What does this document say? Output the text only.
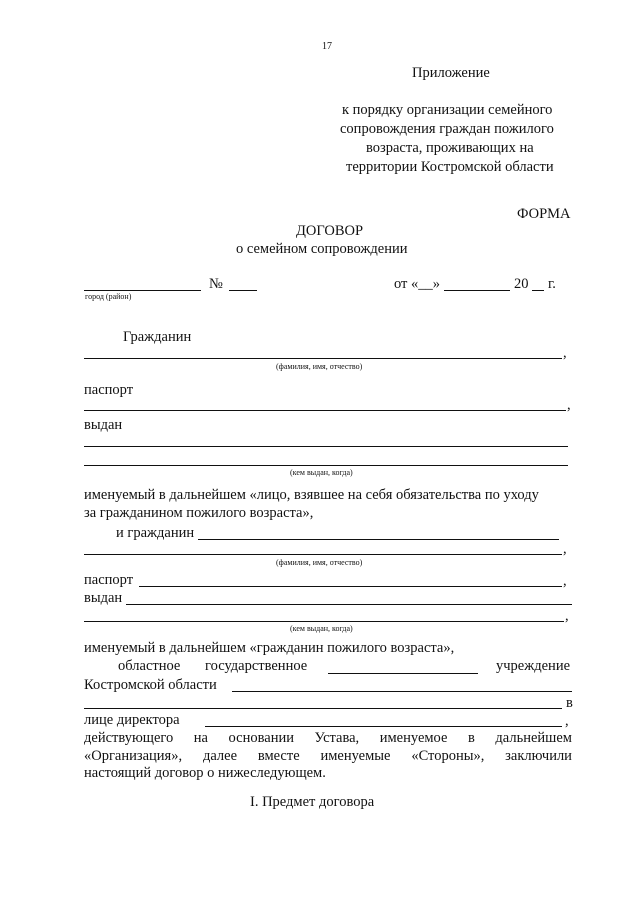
17
Приложение
к порядку организации семейного
сопровождения граждан пожилого
возраста, проживающих на
территории Костромской области
ФОРМА
ДОГОВОР
о семейном сопровождении
№	от «__»	20 г.
город (район)
Гражданин
,
(фамилия, имя, отчество)
паспорт
,
выдан
(кем выдан, когда)
именуемый в дальнейшем «лицо, взявшее на себя обязательства по уходу
за гражданином пожилого возраста»,
и гражданин
,
(фамилия, имя, отчество)
паспорт	,
выдан
,
(кем выдан, когда)
именуемый в дальнейшем «гражданин пожилого возраста»,
областное государственное	учреждение
Костромской области
в
лице директора	,
действующего на основании Устава, именуемое в дальнейшем
«Организация», далее вместе именуемые «Стороны», заключили
настоящий договор о нижеследующем.
I. Предмет договора
